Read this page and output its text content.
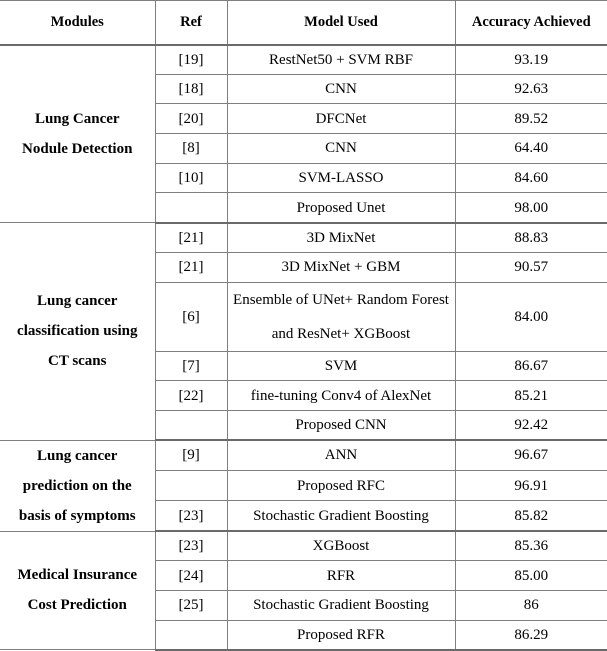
Modules	Ref	Model Used	Accuracy Achieved

Lung Cancer
Nodule Detection	[19]	RestNet50 + SVM RBF	93.19
	[18]	CNN	92.63
	[20]	DFCNet	89.52
	[8]	CNN	64.40
	[10]	SVM-LASSO	84.60
		Proposed Unet	98.00

Lung cancer
classification using
CT scans	[21]	3D MixNet	88.83
	[21]	3D MixNet + GBM	90.57
	[6]	Ensemble of UNet+ Random Forest and ResNet+ XGBoost	84.00
	[7]	SVM	86.67
	[22]	fine-tuning Conv4 of AlexNet	85.21
		Proposed CNN	92.42

Lung cancer
prediction on the
basis of symptoms	[9]	ANN	96.67
		Proposed RFC	96.91
	[23]	Stochastic Gradient Boosting	85.82

Medical Insurance
Cost Prediction	[23]	XGBoost	85.36
	[24]	RFR	85.00
	[25]	Stochastic Gradient Boosting	86
		Proposed RFR	86.29
